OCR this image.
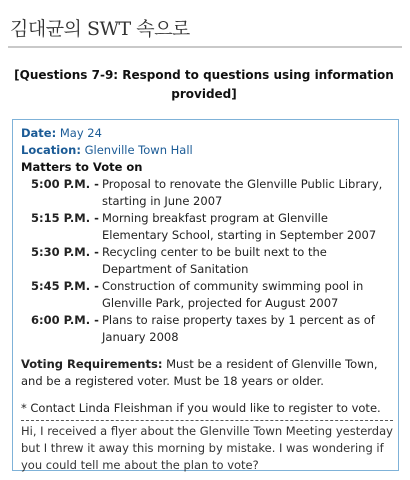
김대균의 SWT 속으로
[Questions 7-9: Respond to questions using information provided]
Date: May 24
Location: Glenville Town Hall
Matters to Vote on
5:00 P.M. - Proposal to renovate the Glenville Public Library, starting in June 2007
5:15 P.M. - Morning breakfast program at Glenville Elementary School, starting in September 2007
5:30 P.M. - Recycling center to be built next to the Department of Sanitation
5:45 P.M. - Construction of community swimming pool in Glenville Park, projected for August 2007
6:00 P.M. - Plans to raise property taxes by 1 percent as of January 2008
Voting Requirements: Must be a resident of Glenville Town, and be a registered voter. Must be 18 years or older.
* Contact Linda Fleishman if you would like to register to vote.
Hi, I received a flyer about the Glenville Town Meeting yesterday but I threw it away this morning by mistake. I was wondering if you could tell me about the plan to vote?
